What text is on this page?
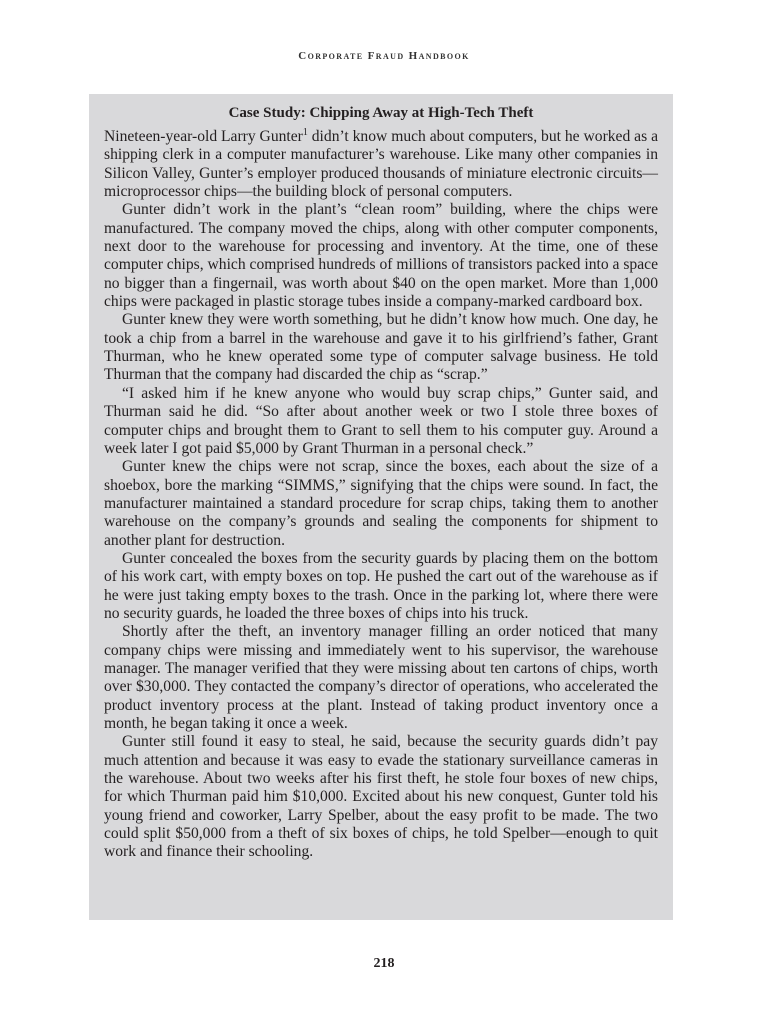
Corporate Fraud Handbook
Case Study: Chipping Away at High-Tech Theft

Nineteen-year-old Larry Gunter$^1$ didn’t know much about computers, but he worked as a shipping clerk in a computer manufacturer’s warehouse. Like many other companies in Silicon Valley, Gunter’s employer produced thousands of miniature electronic circuits—microprocessor chips—the building block of personal computers.

Gunter didn’t work in the plant’s “clean room” building, where the chips were manufactured. The company moved the chips, along with other computer components, next door to the warehouse for processing and inventory. At the time, one of these computer chips, which comprised hundreds of millions of transistors packed into a space no bigger than a fingernail, was worth about $40 on the open market. More than 1,000 chips were packaged in plastic storage tubes inside a company-marked cardboard box.

Gunter knew they were worth something, but he didn’t know how much. One day, he took a chip from a barrel in the warehouse and gave it to his girlfriend’s father, Grant Thurman, who he knew operated some type of computer salvage business. He told Thurman that the company had discarded the chip as “scrap.”

“I asked him if he knew anyone who would buy scrap chips,” Gunter said, and Thurman said he did. “So after about another week or two I stole three boxes of computer chips and brought them to Grant to sell them to his computer guy. Around a week later I got paid $5,000 by Grant Thurman in a personal check.”

Gunter knew the chips were not scrap, since the boxes, each about the size of a shoebox, bore the marking “SIMMS,” signifying that the chips were sound. In fact, the manufacturer maintained a standard procedure for scrap chips, taking them to another warehouse on the company’s grounds and sealing the components for shipment to another plant for destruction.

Gunter concealed the boxes from the security guards by placing them on the bottom of his work cart, with empty boxes on top. He pushed the cart out of the warehouse as if he were just taking empty boxes to the trash. Once in the parking lot, where there were no security guards, he loaded the three boxes of chips into his truck.

Shortly after the theft, an inventory manager filling an order noticed that many company chips were missing and immediately went to his supervisor, the warehouse manager. The manager verified that they were missing about ten cartons of chips, worth over $30,000. They contacted the company’s director of operations, who accelerated the product inventory process at the plant. Instead of taking product inventory once a month, he began taking it once a week.

Gunter still found it easy to steal, he said, because the security guards didn’t pay much attention and because it was easy to evade the stationary surveillance cameras in the warehouse. About two weeks after his first theft, he stole four boxes of new chips, for which Thurman paid him $10,000. Excited about his new conquest, Gunter told his young friend and coworker, Larry Spelber, about the easy profit to be made. The two could split $50,000 from a theft of six boxes of chips, he told Spelber—enough to quit work and finance their schooling.

218
